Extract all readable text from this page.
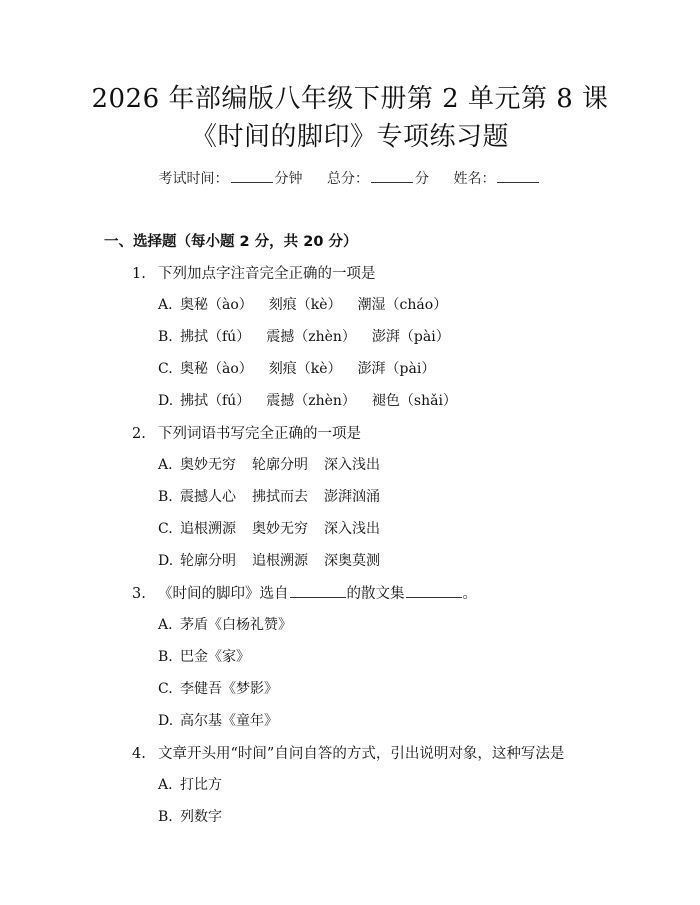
2026 年部编版八年级下册第 2 单元第 8 课
《时间的脚印》专项练习题
考试时间：	分钟 总分：	分 姓名：
一、选择题（每小题 2 分，共 20 分）
1. 下列加点字注音完全正确的一项是
A. 奥秘（ào） 刻痕（kè） 潮湿（cháo）
B. 拂拭（fú） 震撼（zhèn） 澎湃（pài）
C. 奥秘（ào） 刻痕（kè） 澎湃（pài）
D. 拂拭（fú） 震撼（zhèn） 褪色（shǎi）
2. 下列词语书写完全正确的一项是
A. 奥妙无穷 轮廓分明 深入浅出
B. 震撼人心 拂拭而去 澎湃汹涌
C. 追根溯源 奥妙无穷 深入浅出
D. 轮廓分明 追根溯源 深奥莫测
3. 《时间的脚印》选自	的散文集	。
A. 茅盾《白杨礼赞》
B. 巴金《家》
C. 李健吾《梦影》
D. 高尔基《童年》
4. 文章开头用“时间”自问自答的方式，引出说明对象，这种写法是
A. 打比方
B. 列数字
